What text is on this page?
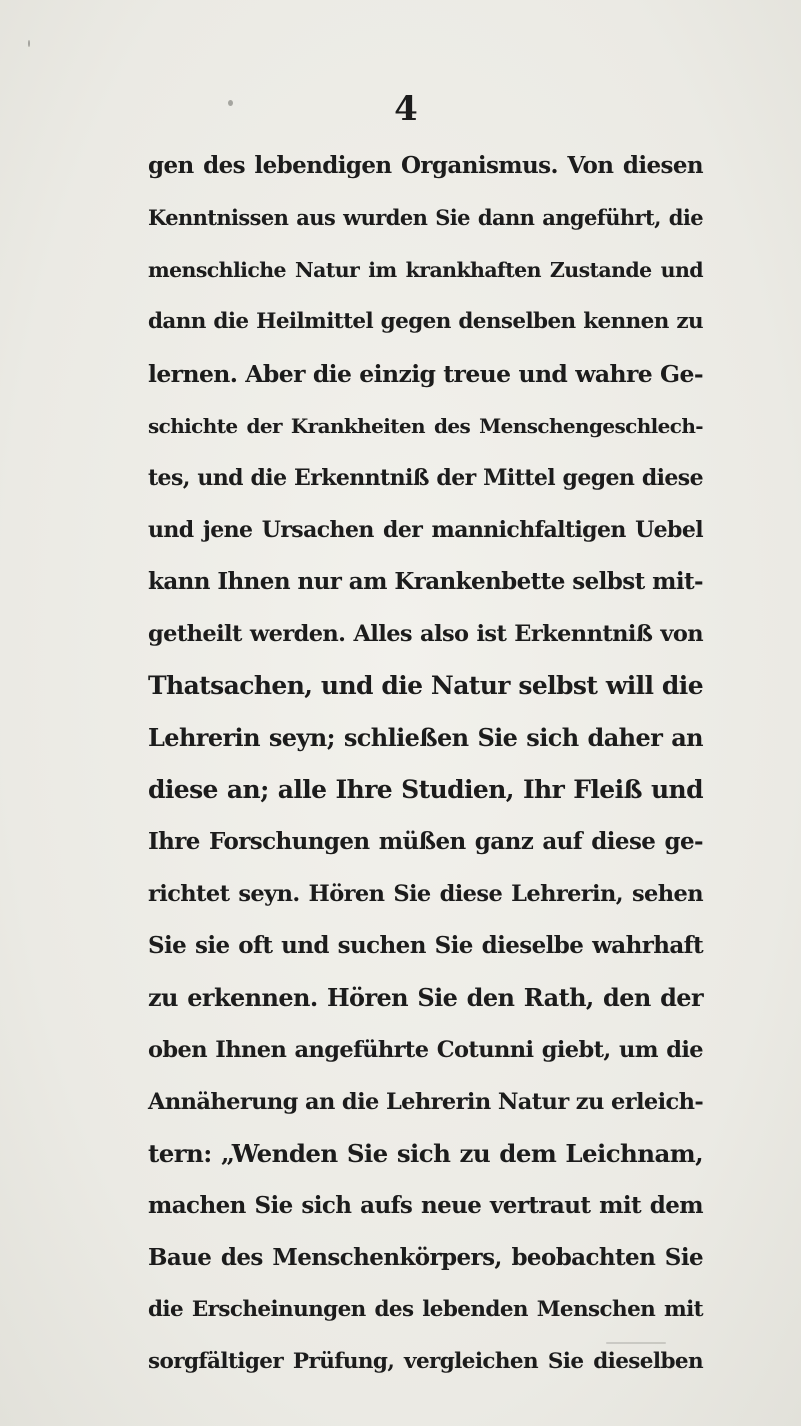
4
gen des lebendigen Organismus. Von diesen
Kenntnissen aus wurden Sie dann angeführt, die
menschliche Natur im krankhaften Zustande und
dann die Heilmittel gegen denselben kennen zu
lernen. Aber die einzig treue und wahre Ge-
schichte der Krankheiten des Menschengeschlech-
tes, und die Erkenntniß der Mittel gegen diese
und jene Ursachen der mannichfaltigen Uebel
kann Ihnen nur am Krankenbette selbst mit-
getheilt werden. Alles also ist Erkenntniß von
Thatsachen, und die Natur selbst will die
Lehrerin seyn; schließen Sie sich daher an
diese an; alle Ihre Studien, Ihr Fleiß und
Ihre Forschungen müßen ganz auf diese ge-
richtet seyn. Hören Sie diese Lehrerin, sehen
Sie sie oft und suchen Sie dieselbe wahrhaft
zu erkennen. Hören Sie den Rath, den der
oben Ihnen angeführte Cotunni giebt, um die
Annäherung an die Lehrerin Natur zu erleich-
tern: „Wenden Sie sich zu dem Leichnam,
machen Sie sich aufs neue vertraut mit dem
Baue des Menschenkörpers, beobachten Sie
die Erscheinungen des lebenden Menschen mit
sorgfältiger Prüfung, vergleichen Sie dieselben
